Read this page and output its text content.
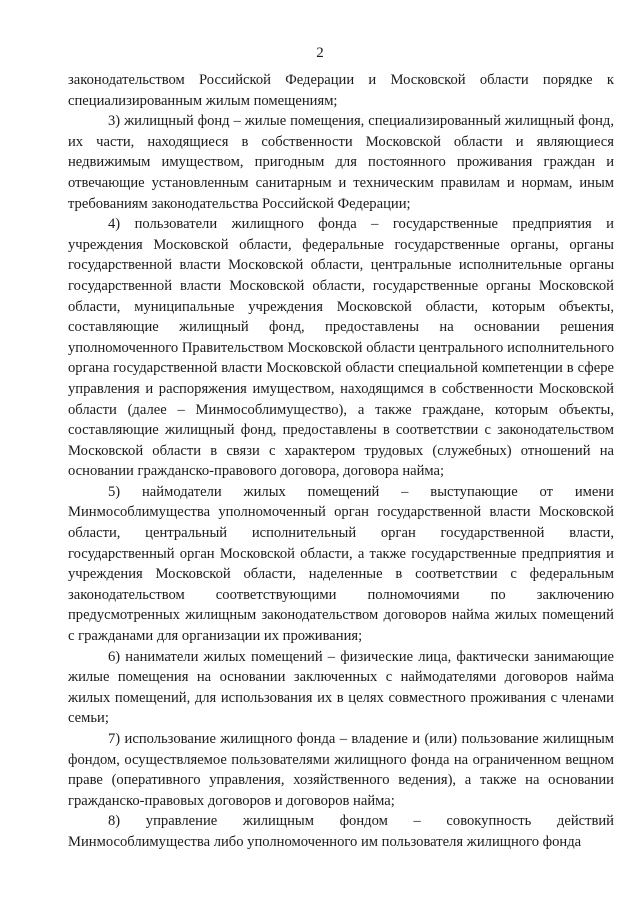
2

законодательством Российской Федерации и Московской области порядке к специализированным жилым помещениям;

3) жилищный фонд – жилые помещения, специализированный жилищный фонд, их части, находящиеся в собственности Московской области и являющиеся недвижимым имуществом, пригодным для постоянного проживания граждан и отвечающие установленным санитарным и техническим правилам и нормам, иным требованиям законодательства Российской Федерации;

4) пользователи жилищного фонда – государственные предприятия и учреждения Московской области, федеральные государственные органы, органы государственной власти Московской области, центральные исполнительные органы государственной власти Московской области, государственные органы Московской области, муниципальные учреждения Московской области, которым объекты, составляющие жилищный фонд, предоставлены на основании решения уполномоченного Правительством Московской области центрального исполнительного органа государственной власти Московской области специальной компетенции в сфере управления и распоряжения имуществом, находящимся в собственности Московской области (далее – Минмособлимущество), а также граждане, которым объекты, составляющие жилищный фонд, предоставлены в соответствии с законодательством Московской области в связи с характером трудовых (служебных) отношений на основании гражданско-правового договора, договора найма;

5) наймодатели жилых помещений – выступающие от имени Минмособлимущества уполномоченный орган государственной власти Московской области, центральный исполнительный орган государственной власти, государственный орган Московской области, а также государственные предприятия и учреждения Московской области, наделенные в соответствии с федеральным законодательством соответствующими полномочиями по заключению предусмотренных жилищным законодательством договоров найма жилых помещений с гражданами для организации их проживания;

6) наниматели жилых помещений – физические лица, фактически занимающие жилые помещения на основании заключенных с наймодателями договоров найма жилых помещений, для использования их в целях совместного проживания с членами семьи;

7) использование жилищного фонда – владение и (или) пользование жилищным фондом, осуществляемое пользователями жилищного фонда на ограниченном вещном праве (оперативного управления, хозяйственного ведения), а также на основании гражданско-правовых договоров и договоров найма;

8) управление жилищным фондом – совокупность действий Минмособлимущества либо уполномоченного им пользователя жилищного фонда
